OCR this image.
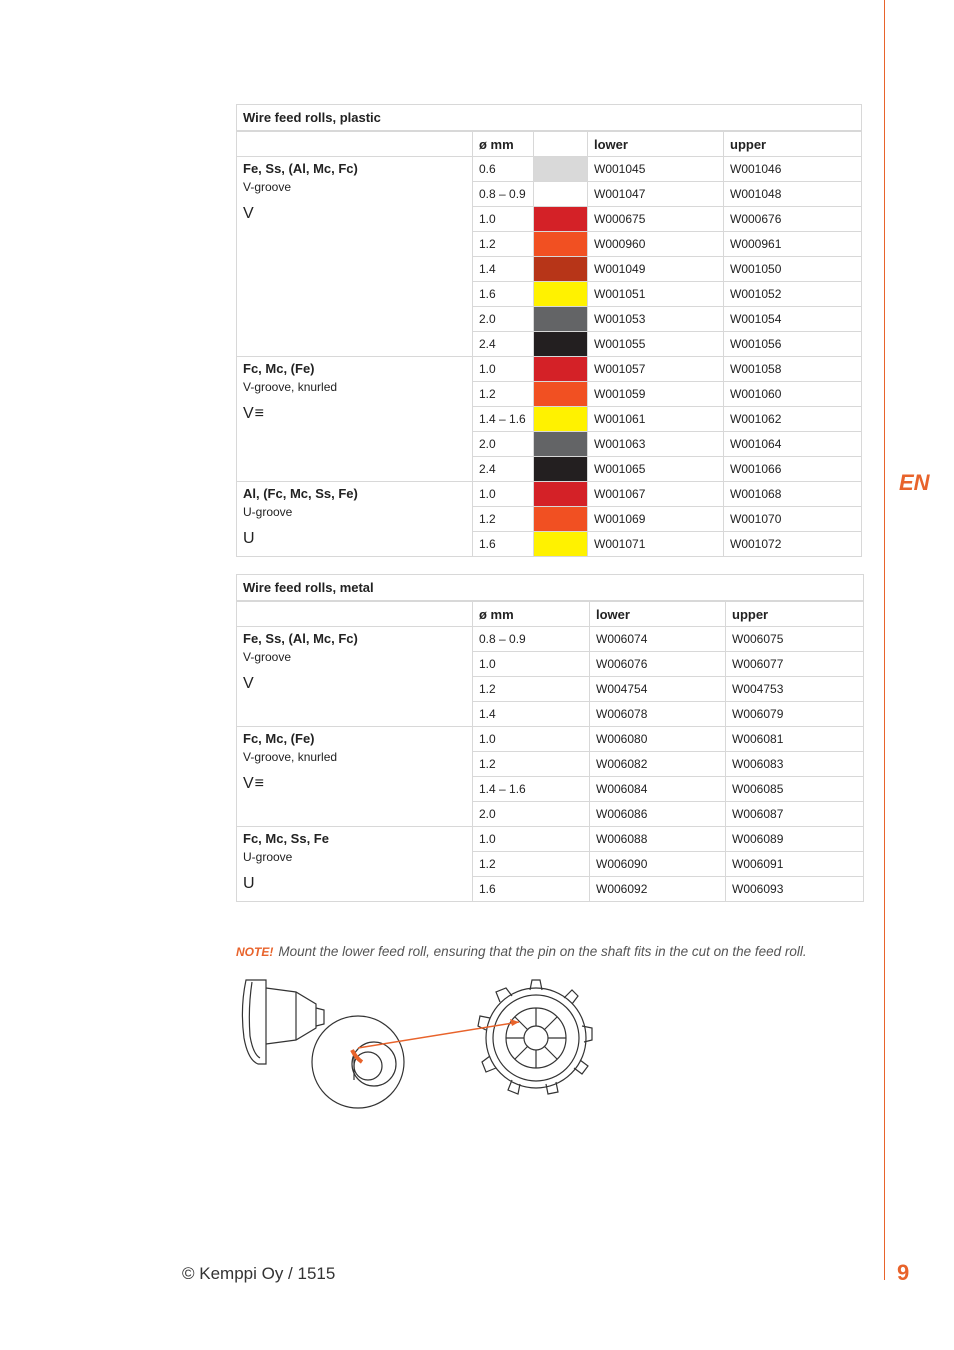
EN
Wire feed rolls, plastic				
	ø mm		lower	upper

Fe, Ss, (Al, Mc, Fc)
V-groove
V	0.6		W001045	W001046
	0.8 – 0.9		W001047	W001048
	1.0		W000675	W000676
	1.2		W000960	W000961
	1.4		W001049	W001050
	1.6		W001051	W001052
	2.0		W001053	W001054
	2.4		W001055	W001056

Fc, Mc, (Fe)
V-groove, knurled
V≡	1.0		W001057	W001058
	1.2		W001059	W001060
	1.4 – 1.6		W001061	W001062
	2.0		W001063	W001064
	2.4		W001065	W001066

Al, (Fc, Mc, Ss, Fe)
U-groove
U	1.0		W001067	W001068
	1.2		W001069	W001070
	1.6		W001071	W001072
Wire feed rolls, metal			
	ø mm	lower	upper

Fe, Ss, (Al, Mc, Fc)
V-groove
V	0.8 – 0.9	W006074	W006075
	1.0	W006076	W006077
	1.2	W004754	W004753
	1.4	W006078	W006079

Fc, Mc, (Fe)
V-groove, knurled
V≡	1.0	W006080	W006081
	1.2	W006082	W006083
	1.4 – 1.6	W006084	W006085
	2.0	W006086	W006087

Fc, Mc, Ss, Fe
U-groove
U	1.0	W006088	W006089
	1.2	W006090	W006091
	1.6	W006092	W006093
NOTE! Mount the lower feed roll, ensuring that the pin on the shaft fits in the cut on the feed roll.
© Kemppi Oy / 1515	9
